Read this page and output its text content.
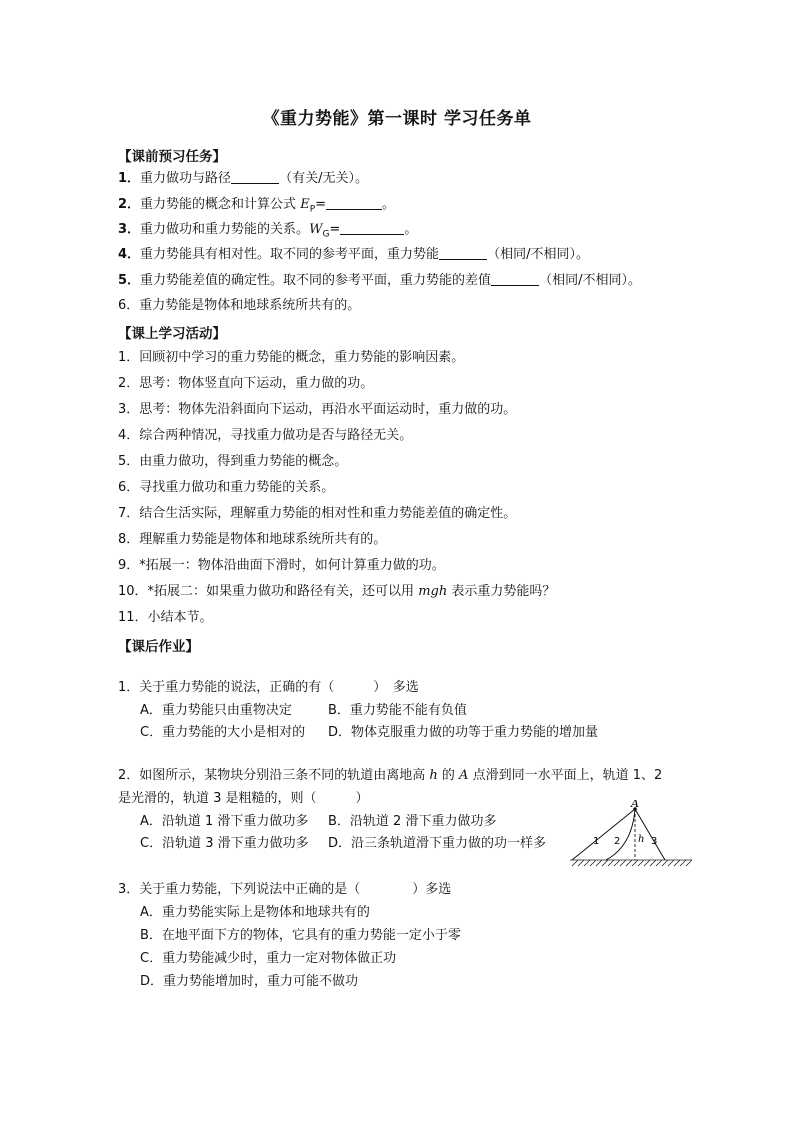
《重力势能》第一课时 学习任务单
【课前预习任务】
1．重力做功与路径	（有关/无关）。
2．重力势能的概念和计算公式 $E_P=$	。
3．重力做功和重力势能的关系。$W_G=$	。
4．重力势能具有相对性。取不同的参考平面，重力势能	（相同/不相同）。
5．重力势能差值的确定性。取不同的参考平面，重力势能的差值	（相同/不相同）。
6．重力势能是物体和地球系统所共有的。
【课上学习活动】
1．回顾初中学习的重力势能的概念，重力势能的影响因素。
2．思考：物体竖直向下运动，重力做的功。
3．思考：物体先沿斜面向下运动，再沿水平面运动时，重力做的功。
4．综合两种情况，寻找重力做功是否与路径无关。
5．由重力做功，得到重力势能的概念。
6．寻找重力做功和重力势能的关系。
7．结合生活实际，理解重力势能的相对性和重力势能差值的确定性。
8．理解重力势能是物体和地球系统所共有的。
9．*拓展一：物体沿曲面下滑时，如何计算重力做的功。
10．*拓展二：如果重力做功和路径有关，还可以用 mgh 表示重力势能吗？
11．小结本节。
【课后作业】
1．关于重力势能的说法，正确的有（　　　）　多选
A．重力势能只由重物决定	B．重力势能不能有负值
C．重力势能的大小是相对的 D．物体克服重力做的功等于重力势能的增加量
2．如图所示，某物块分别沿三条不同的轨道由离地高 h 的 A 点滑到同一水平面上，轨道 1、2
是光滑的，轨道 3 是粗糙的，则（　　　）
A．沿轨道 1 滑下重力做功多 B．沿轨道 2 滑下重力做功多
C．沿轨道 3 滑下重力做功多 D．沿三条轨道滑下重力做的功一样多
A
1 2	3
h
3．关于重力势能，下列说法中正确的是（　　　　）多选
A．重力势能实际上是物体和地球共有的
B．在地平面下方的物体，它具有的重力势能一定小于零
C．重力势能减少时，重力一定对物体做正功
D．重力势能增加时，重力可能不做功
